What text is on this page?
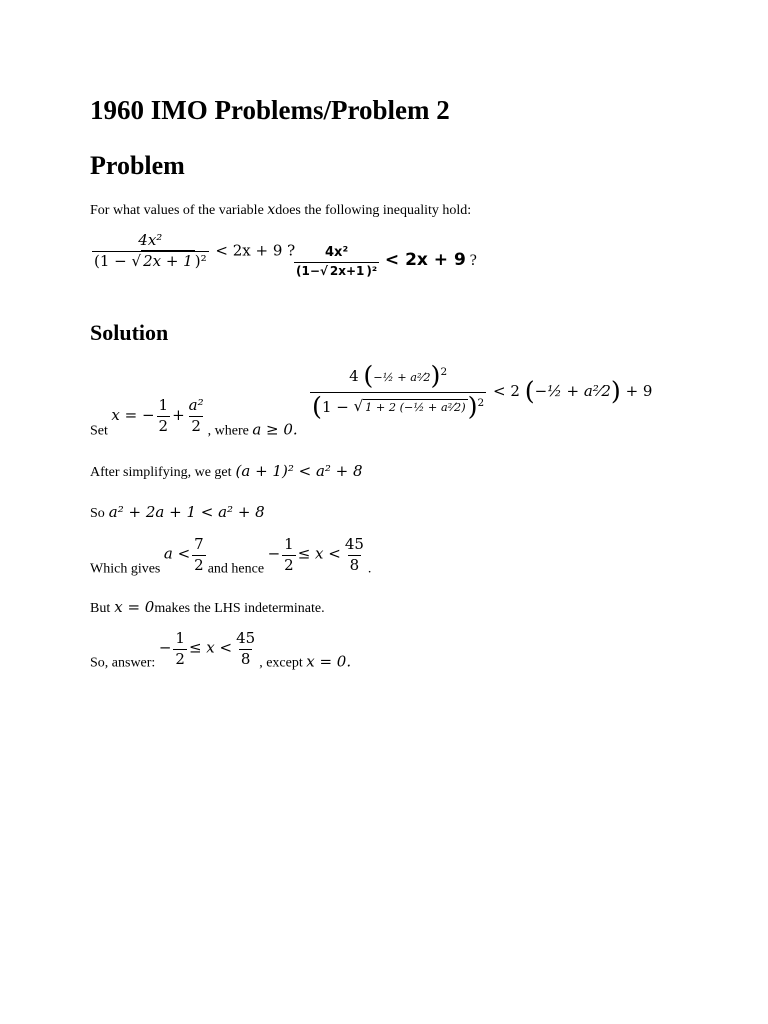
1960 IMO Problems/Problem 2
Problem
For what values of the variable xdoes the following inequality hold:
$\frac{\text{4x²}}{\text{(1 − √ 2x + 1 )²}} < 2x + 9$ ?
$\frac{\text{4x²}}{\text{(1−√ 2x+1 )²}} < 2x + 9$ ?
Solution
Set x = − $\frac{1}{2} + \frac{\text{a²}}{2}$ , where a ≥ 0.
$\frac{4 (-\frac{1}{2} + a^2⁄2)^2}{(1 - √ 1 + 2 (-\frac{1}{2} + a^2⁄2))^2} < 2$ (−½ + a²⁄2) + 9
After simplifying, we get (a + 1)² < a² + 8
So a² + 2a + 1 < a² + 8
Which gives $a < \frac{7}{2}$ and hence − $\frac{1}{2} \le x < \frac{45}{8}$ .
But x = 0makes the LHS indeterminate.
So, answer: − $\frac{1}{2} \le x < \frac{45}{8}$ , except x = 0.
